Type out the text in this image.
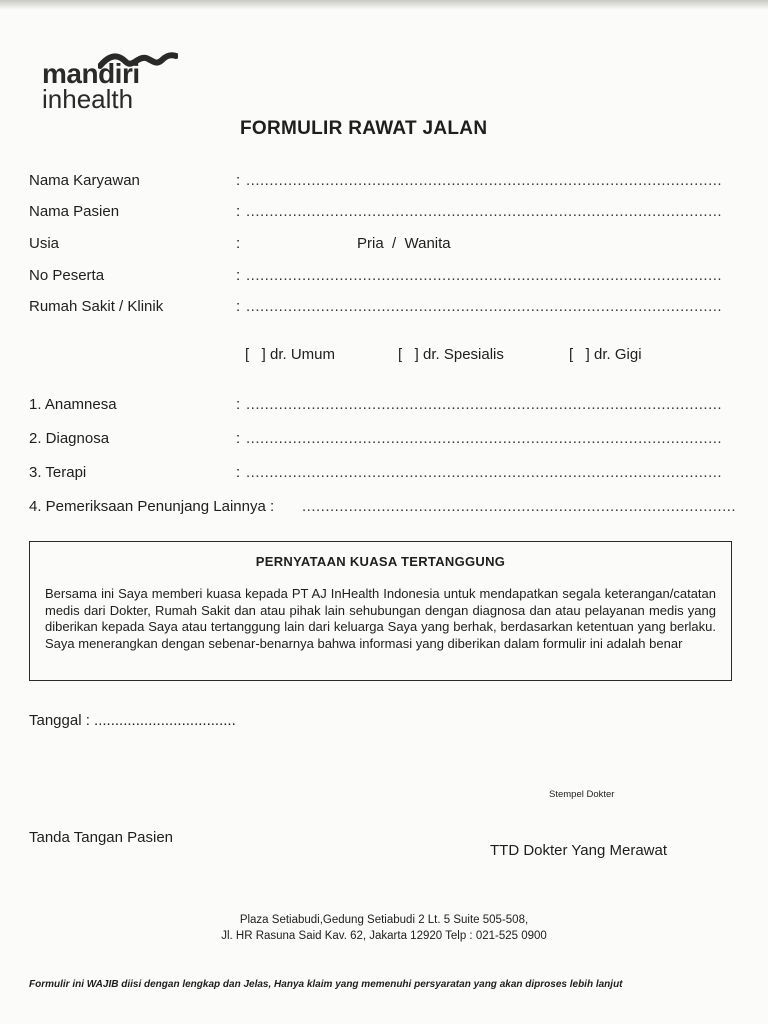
mandiri
inhealth
FORMULIR RAWAT JALAN
Nama Karyawan	: ......................................................................................................
Nama Pasien	: ......................................................................................................
Usia	:	Pria  /  Wanita
No Peserta	: ......................................................................................................
Rumah Sakit / Klinik	: ......................................................................................................
[   ] dr. Umum	[   ] dr. Spesialis	[   ] dr. Gigi
1. Anamnesa	: ......................................................................................................
2. Diagnosa	: ......................................................................................................
3. Terapi	: ......................................................................................................
4. Pemeriksaan Penunjang Lainnya : .............................................................................................
PERNYATAAN KUASA TERTANGGUNG
Bersama ini Saya memberi kuasa kepada PT AJ InHealth Indonesia untuk mendapatkan segala keterangan/catatan medis dari Dokter, Rumah Sakit dan atau pihak lain sehubungan dengan diagnosa dan atau pelayanan medis yang diberikan kepada Saya atau tertanggung lain dari keluarga Saya yang berhak, berdasarkan ketentuan yang berlaku. Saya menerangkan dengan sebenar-benarnya bahwa informasi yang diberikan dalam formulir ini adalah benar
Tanggal : ..................................
Stempel Dokter
Tanda Tangan Pasien
TTD Dokter Yang Merawat
Plaza Setiabudi,Gedung Setiabudi 2 Lt. 5 Suite 505-508,
Jl. HR Rasuna Said Kav. 62, Jakarta 12920 Telp : 021-525 0900
Formulir ini WAJIB diisi dengan lengkap dan Jelas, Hanya klaim yang memenuhi persyaratan yang akan diproses lebih lanjut
